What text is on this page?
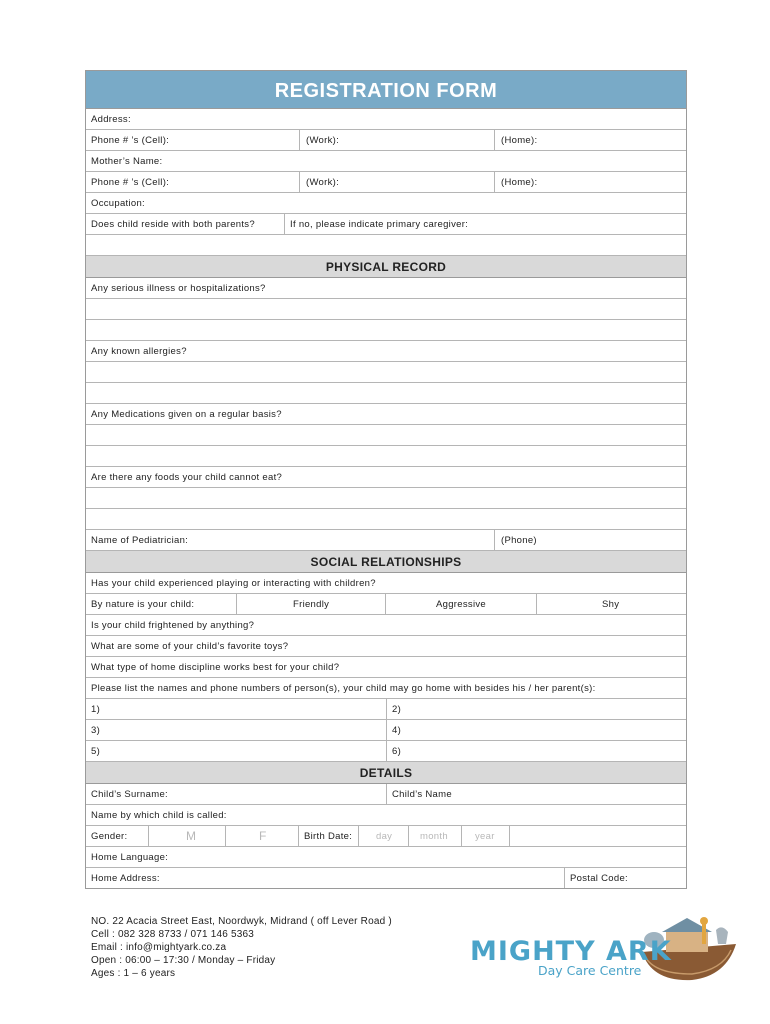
REGISTRATION FORM
Address:
Phone # ’s (Cell):	(Work):	(Home):
Mother’s Name:
Phone # ’s (Cell):	(Work):	(Home):
Occupation:
Does child reside with both parents?	If no, please indicate primary caregiver:
PHYSICAL RECORD
Any serious illness or hospitalizations?
Any known allergies?
Any Medications given on a regular basis?
Are there any foods your child cannot eat?
Name of Pediatrician:	(Phone)
SOCIAL RELATIONSHIPS
Has your child experienced playing or interacting with children?
By nature is your child:	Friendly	Aggressive	Shy
Is your child frightened by anything?
What are some of your child’s favorite toys?
What type of home discipline works best for your child?
Please list the names and phone numbers of person(s), your child may go home with besides his / her parent(s):
1)	2)
3)	4)
5)	6)
DETAILS
Child’s Surname:	Child’s Name
Name by which child is called:
Gender:	M	F	Birth Date:	day	month	year
Home Language:
Home Address:	Postal Code:
NO. 22 Acacia Street East, Noordwyk, Midrand ( off Lever Road )
Cell : 082 328 8733 / 071 146 5363
Email : info@mightyark.co.za
Open : 06:00 – 17:30 / Monday – Friday
Ages : 1 – 6 years
MIGHTY ARK
Day Care Centre
